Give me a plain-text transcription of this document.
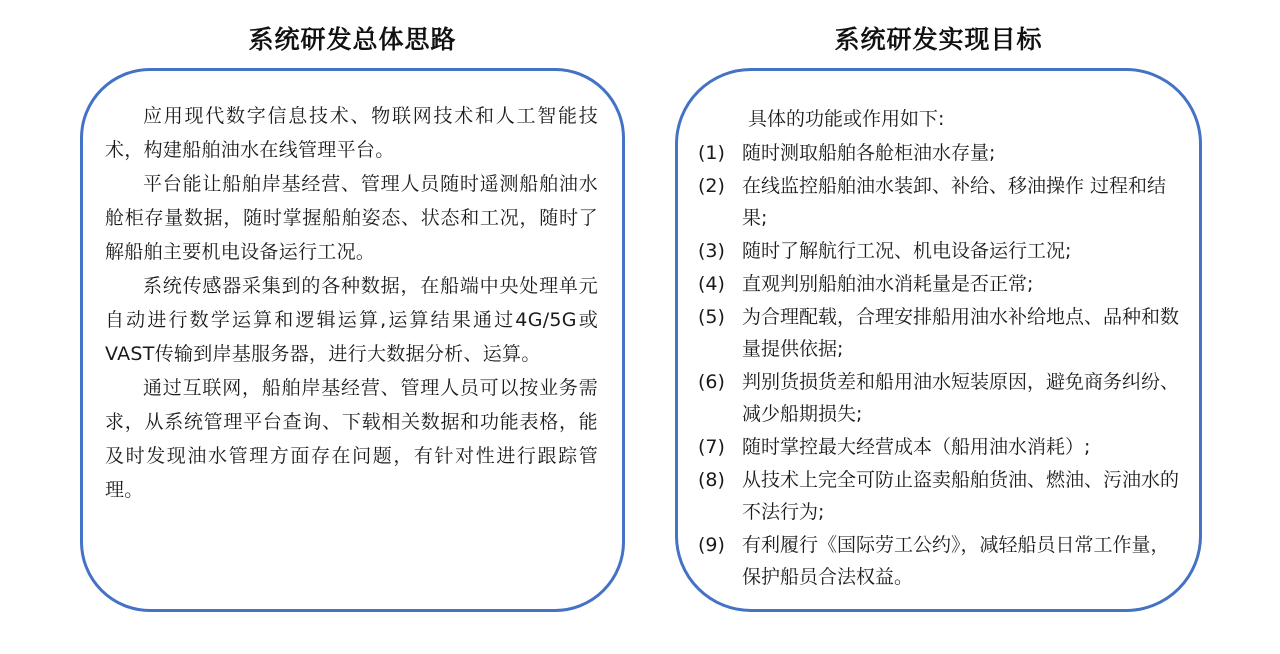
系统研发总体思路	系统研发实现目标

应用现代数字信息技术、物联网技术和人工智能技术，构建船舶油水在线管理平台。

平台能让船舶岸基经营、管理人员随时遥测船舶油水舱柜存量数据，随时掌握船舶姿态、状态和工况，随时了解船舶主要机电设备运行工况。

系统传感器采集到的各种数据，在船端中央处理单元自动进行数学运算和逻辑运算,运算结果通过4G/5G或VAST传输到岸基服务器，进行大数据分析、运算。

通过互联网，船舶岸基经营、管理人员可以按业务需求，从系统管理平台查询、下载相关数据和功能表格，能及时发现油水管理方面存在问题，有针对性进行跟踪管理。

具体的功能或作用如下:
(1) 随时测取船舶各舱柜油水存量;
(2) 在线监控船舶油水装卸、补给、移油操作 过程和结果;
(3) 随时了解航行工况、机电设备运行工况;
(4) 直观判别船舶油水消耗量是否正常;
(5) 为合理配载，合理安排船用油水补给地点、品种和数量提供依据;
(6) 判别货损货差和船用油水短装原因，避免商务纠纷、减少船期损失;
(7) 随时掌控最大经营成本（船用油水消耗）;
(8) 从技术上完全可防止盗卖船舶货油、燃油、污油水的不法行为;
(9) 有利履行《国际劳工公约》，减轻船员日常工作量，保护船员合法权益。
